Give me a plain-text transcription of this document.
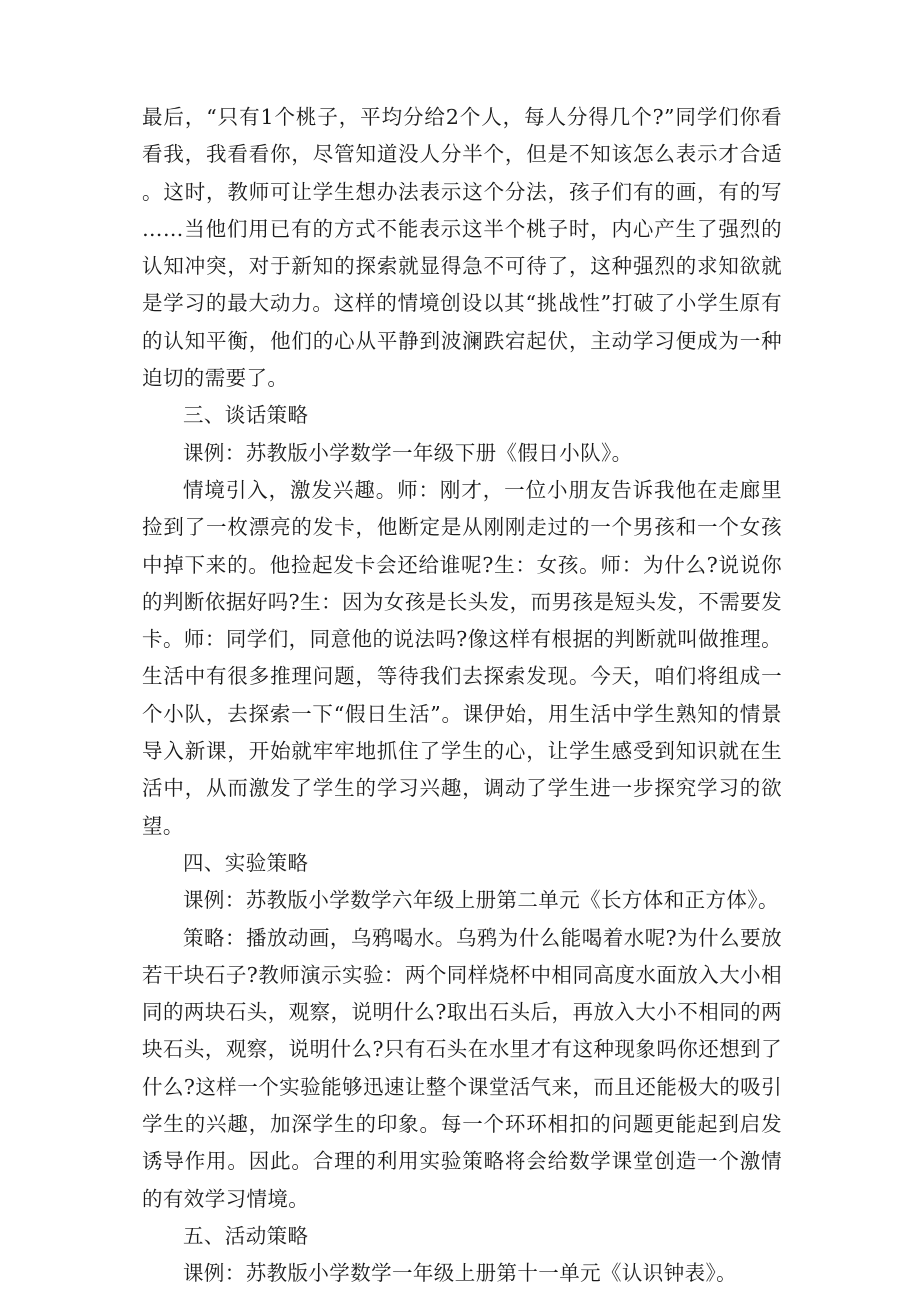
最后，“只有1个桃子，平均分给2个人，每人分得几个?”同学们你看看我，我看看你，尽管知道没人分半个，但是不知该怎么表示才合适。这时，教师可让学生想办法表示这个分法，孩子们有的画，有的写……当他们用已有的方式不能表示这半个桃子时，内心产生了强烈的认知冲突，对于新知的探索就显得急不可待了，这种强烈的求知欲就是学习的最大动力。这样的情境创设以其“挑战性”打破了小学生原有的认知平衡，他们的心从平静到波澜跌宕起伏，主动学习便成为一种迫切的需要了。

三、谈话策略

课例：苏教版小学数学一年级下册《假日小队》。

情境引入，激发兴趣。师：刚才，一位小朋友告诉我他在走廊里捡到了一枚漂亮的发卡，他断定是从刚刚走过的一个男孩和一个女孩中掉下来的。他捡起发卡会还给谁呢?生：女孩。师：为什么?说说你的判断依据好吗?生：因为女孩是长头发，而男孩是短头发，不需要发卡。师：同学们，同意他的说法吗?像这样有根据的判断就叫做推理。生活中有很多推理问题，等待我们去探索发现。今天，咱们将组成一个小队，去探索一下“假日生活”。课伊始，用生活中学生熟知的情景导入新课，开始就牢牢地抓住了学生的心，让学生感受到知识就在生活中，从而激发了学生的学习兴趣，调动了学生进一步探究学习的欲望。

四、实验策略

课例：苏教版小学数学六年级上册第二单元《长方体和正方体》。

策略：播放动画，乌鸦喝水。乌鸦为什么能喝着水呢?为什么要放若干块石子?教师演示实验：两个同样烧杯中相同高度水面放入大小相同的两块石头，观察，说明什么?取出石头后，再放入大小不相同的两块石头，观察，说明什么?只有石头在水里才有这种现象吗你还想到了什么?这样一个实验能够迅速让整个课堂活气来，而且还能极大的吸引学生的兴趣，加深学生的印象。每一个环环相扣的问题更能起到启发诱导作用。因此。合理的利用实验策略将会给数学课堂创造一个激情的有效学习情境。

五、活动策略

课例：苏教版小学数学一年级上册第十一单元《认识钟表》。
